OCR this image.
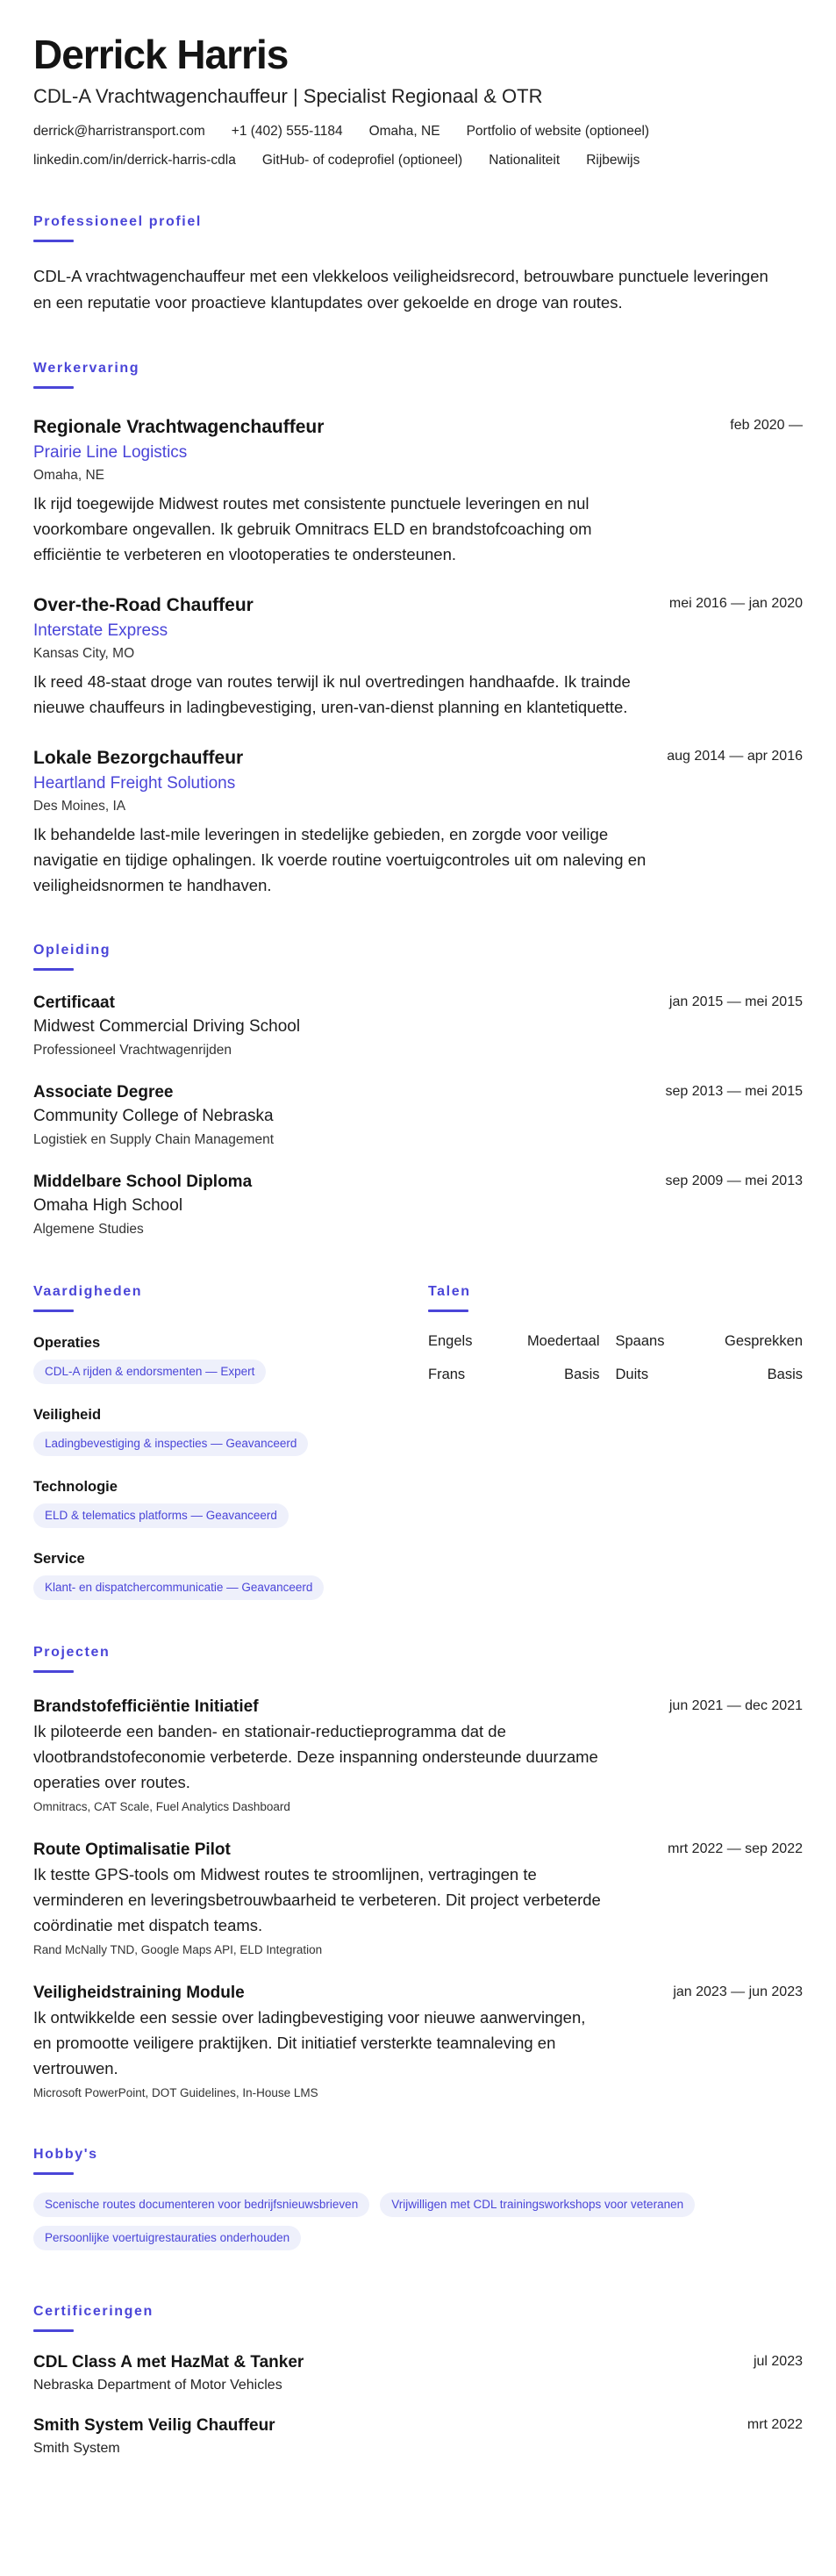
Derrick Harris
CDL-A Vrachtwagenchauffeur | Specialist Regionaal & OTR
derrick@harristransport.com +1 (402) 555-1184 Omaha, NE Portfolio of website (optioneel)
linkedin.com/in/derrick-harris-cdla GitHub- of codeprofiel (optioneel) Nationaliteit Rijbewijs
Professioneel profiel

CDL-A vrachtwagenchauffeur met een vlekkeloos veiligheidsrecord, betrouwbare punctuele leveringen en een reputatie voor proactieve klantupdates over gekoelde en droge van routes.

Werkervaring
Regionale Vrachtwagenchauffeur	feb 2020 —
Prairie Line Logistics
Omaha, NE

Ik rijd toegewijde Midwest routes met consistente punctuele leveringen en nul voorkombare ongevallen. Ik gebruik Omnitracs ELD en brandstofcoaching om efficiëntie te verbeteren en vlootoperaties te ondersteunen.

Over-the-Road Chauffeur	mei 2016 — jan 2020
Interstate Express
Kansas City, MO

Ik reed 48-staat droge van routes terwijl ik nul overtredingen handhaafde. Ik trainde nieuwe chauffeurs in ladingbevestiging, uren-van-dienst planning en klantetiquette.

Lokale Bezorgchauffeur	aug 2014 — apr 2016
Heartland Freight Solutions
Des Moines, IA

Ik behandelde last-mile leveringen in stedelijke gebieden, en zorgde voor veilige navigatie en tijdige ophalingen. Ik voerde routine voertuigcontroles uit om naleving en veiligheidsnormen te handhaven.

Opleiding
Certificaat	jan 2015 — mei 2015
Midwest Commercial Driving School
Professioneel Vrachtwagenrijden
Associate Degree	sep 2013 — mei 2015
Community College of Nebraska
Logistiek en Supply Chain Management
Middelbare School Diploma	sep 2009 — mei 2013
Omaha High School
Algemene Studies
Vaardigheden
Operaties
CDL-A rijden & endorsmenten — Expert
Veiligheid
Ladingbevestiging & inspecties — Geavanceerd
Technologie
ELD & telematics platforms — Geavanceerd
Service
Klant- en dispatchercommunicatie — Geavanceerd
Talen
Engels	Moedertaal	Spaans	Gesprekken
Frans	Basis	Duits	Basis
Projecten
Brandstofefficiëntie Initiatief	jun 2021 — dec 2021

Ik piloteerde een banden- en stationair-reductieprogramma dat de vlootbrandstofeconomie verbeterde. Deze inspanning ondersteunde duurzame operaties over routes.

Omnitracs, CAT Scale, Fuel Analytics Dashboard
Route Optimalisatie Pilot	mrt 2022 — sep 2022

Ik testte GPS-tools om Midwest routes te stroomlijnen, vertragingen te verminderen en leveringsbetrouwbaarheid te verbeteren. Dit project verbeterde coördinatie met dispatch teams.

Rand McNally TND, Google Maps API, ELD Integration
Veiligheidstraining Module	jan 2023 — jun 2023

Ik ontwikkelde een sessie over ladingbevestiging voor nieuwe aanwervingen, en promootte veiligere praktijken. Dit initiatief versterkte teamnaleving en vertrouwen.

Microsoft PowerPoint, DOT Guidelines, In-House LMS
Hobby's
Scenische routes documenteren voor bedrijfsnieuwsbrieven	Vrijwilligen met CDL trainingsworkshops voor veteranen
Persoonlijke voertuigrestauraties onderhouden
Certificeringen
CDL Class A met HazMat & Tanker	jul 2023
Nebraska Department of Motor Vehicles
Smith System Veilig Chauffeur	mrt 2022
Smith System
